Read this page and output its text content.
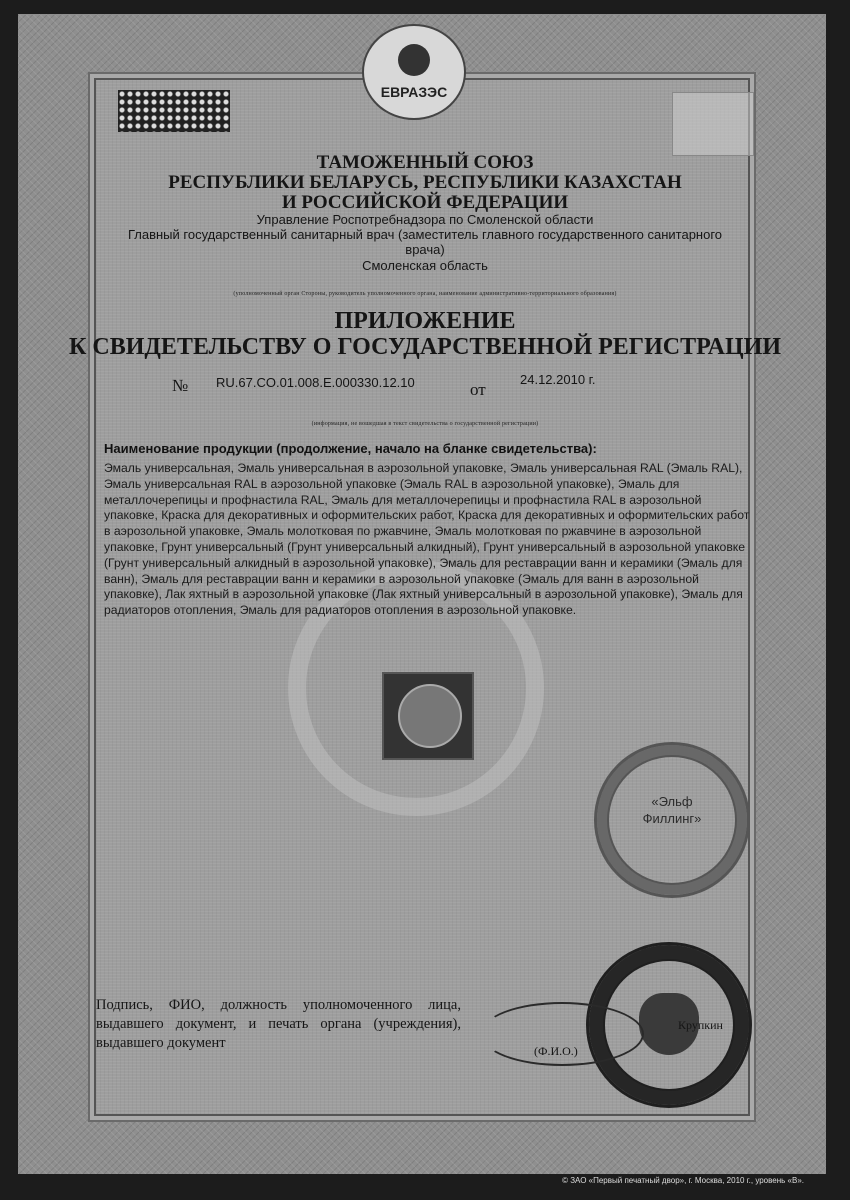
ЕВРАЗЭС
ТАМОЖЕННЫЙ СОЮЗ
РЕСПУБЛИКИ БЕЛАРУСЬ, РЕСПУБЛИКИ КАЗАХСТАН
И РОССИЙСКОЙ ФЕДЕРАЦИИ
Управление Роспотребнадзора по Смоленской области
Главный государственный санитарный врач (заместитель главного государственного санитарного
врача)
Смоленская область
(уполномоченный орган Стороны, руководитель уполномоченного органа, наименование административно-территориального образования)
ПРИЛОЖЕНИЕ
К СВИДЕТЕЛЬСТВУ О ГОСУДАРСТВЕННОЙ РЕГИСТРАЦИИ
№ RU.67.CO.01.008.E.000330.12.10	от
24.12.2010 г.
(информация, не вошедшая в текст свидетельства о государственной регистрации)
Наименование продукции (продолжение, начало на бланке свидетельства):
Эмаль универсальная, Эмаль универсальная в аэрозольной упаковке, Эмаль универсальная RAL (Эмаль RAL), Эмаль универсальная RAL в аэрозольной упаковке (Эмаль RAL в аэрозольной упаковке), Эмаль для металлочерепицы и профнастила RAL, Эмаль для металлочерепицы и профнастила RAL в аэрозольной упаковке, Краска для декоративных и оформительских работ, Краска для декоративных и оформительских работ в аэрозольной упаковке, Эмаль молотковая по ржавчине, Эмаль молотковая по ржавчине в аэрозольной упаковке, Грунт универсальный (Грунт универсальный алкидный), Грунт универсальный в аэрозольной упаковке (Грунт универсальный алкидный в аэрозольной упаковке), Эмаль для реставрации ванн и керамики (Эмаль для ванн), Эмаль для реставрации ванн и керамики в аэрозольной упаковке (Эмаль для ванн в аэрозольной упаковке), Лак яхтный в аэрозольной упаковке (Лак яхтный универсальный в аэрозольной упаковке), Эмаль для радиаторов отопления, Эмаль для радиаторов отопления в аэрозольной упаковке.
«Эльф
Филлинг»
Подпись, ФИО, должность уполномоченного лица, выдавшего документ, и печать органа (учреждения), выдавшего документ	(Ф.И.О.)
Крупкин
© ЗАО «Первый печатный двор», г. Москва, 2010 г., уровень «В».
